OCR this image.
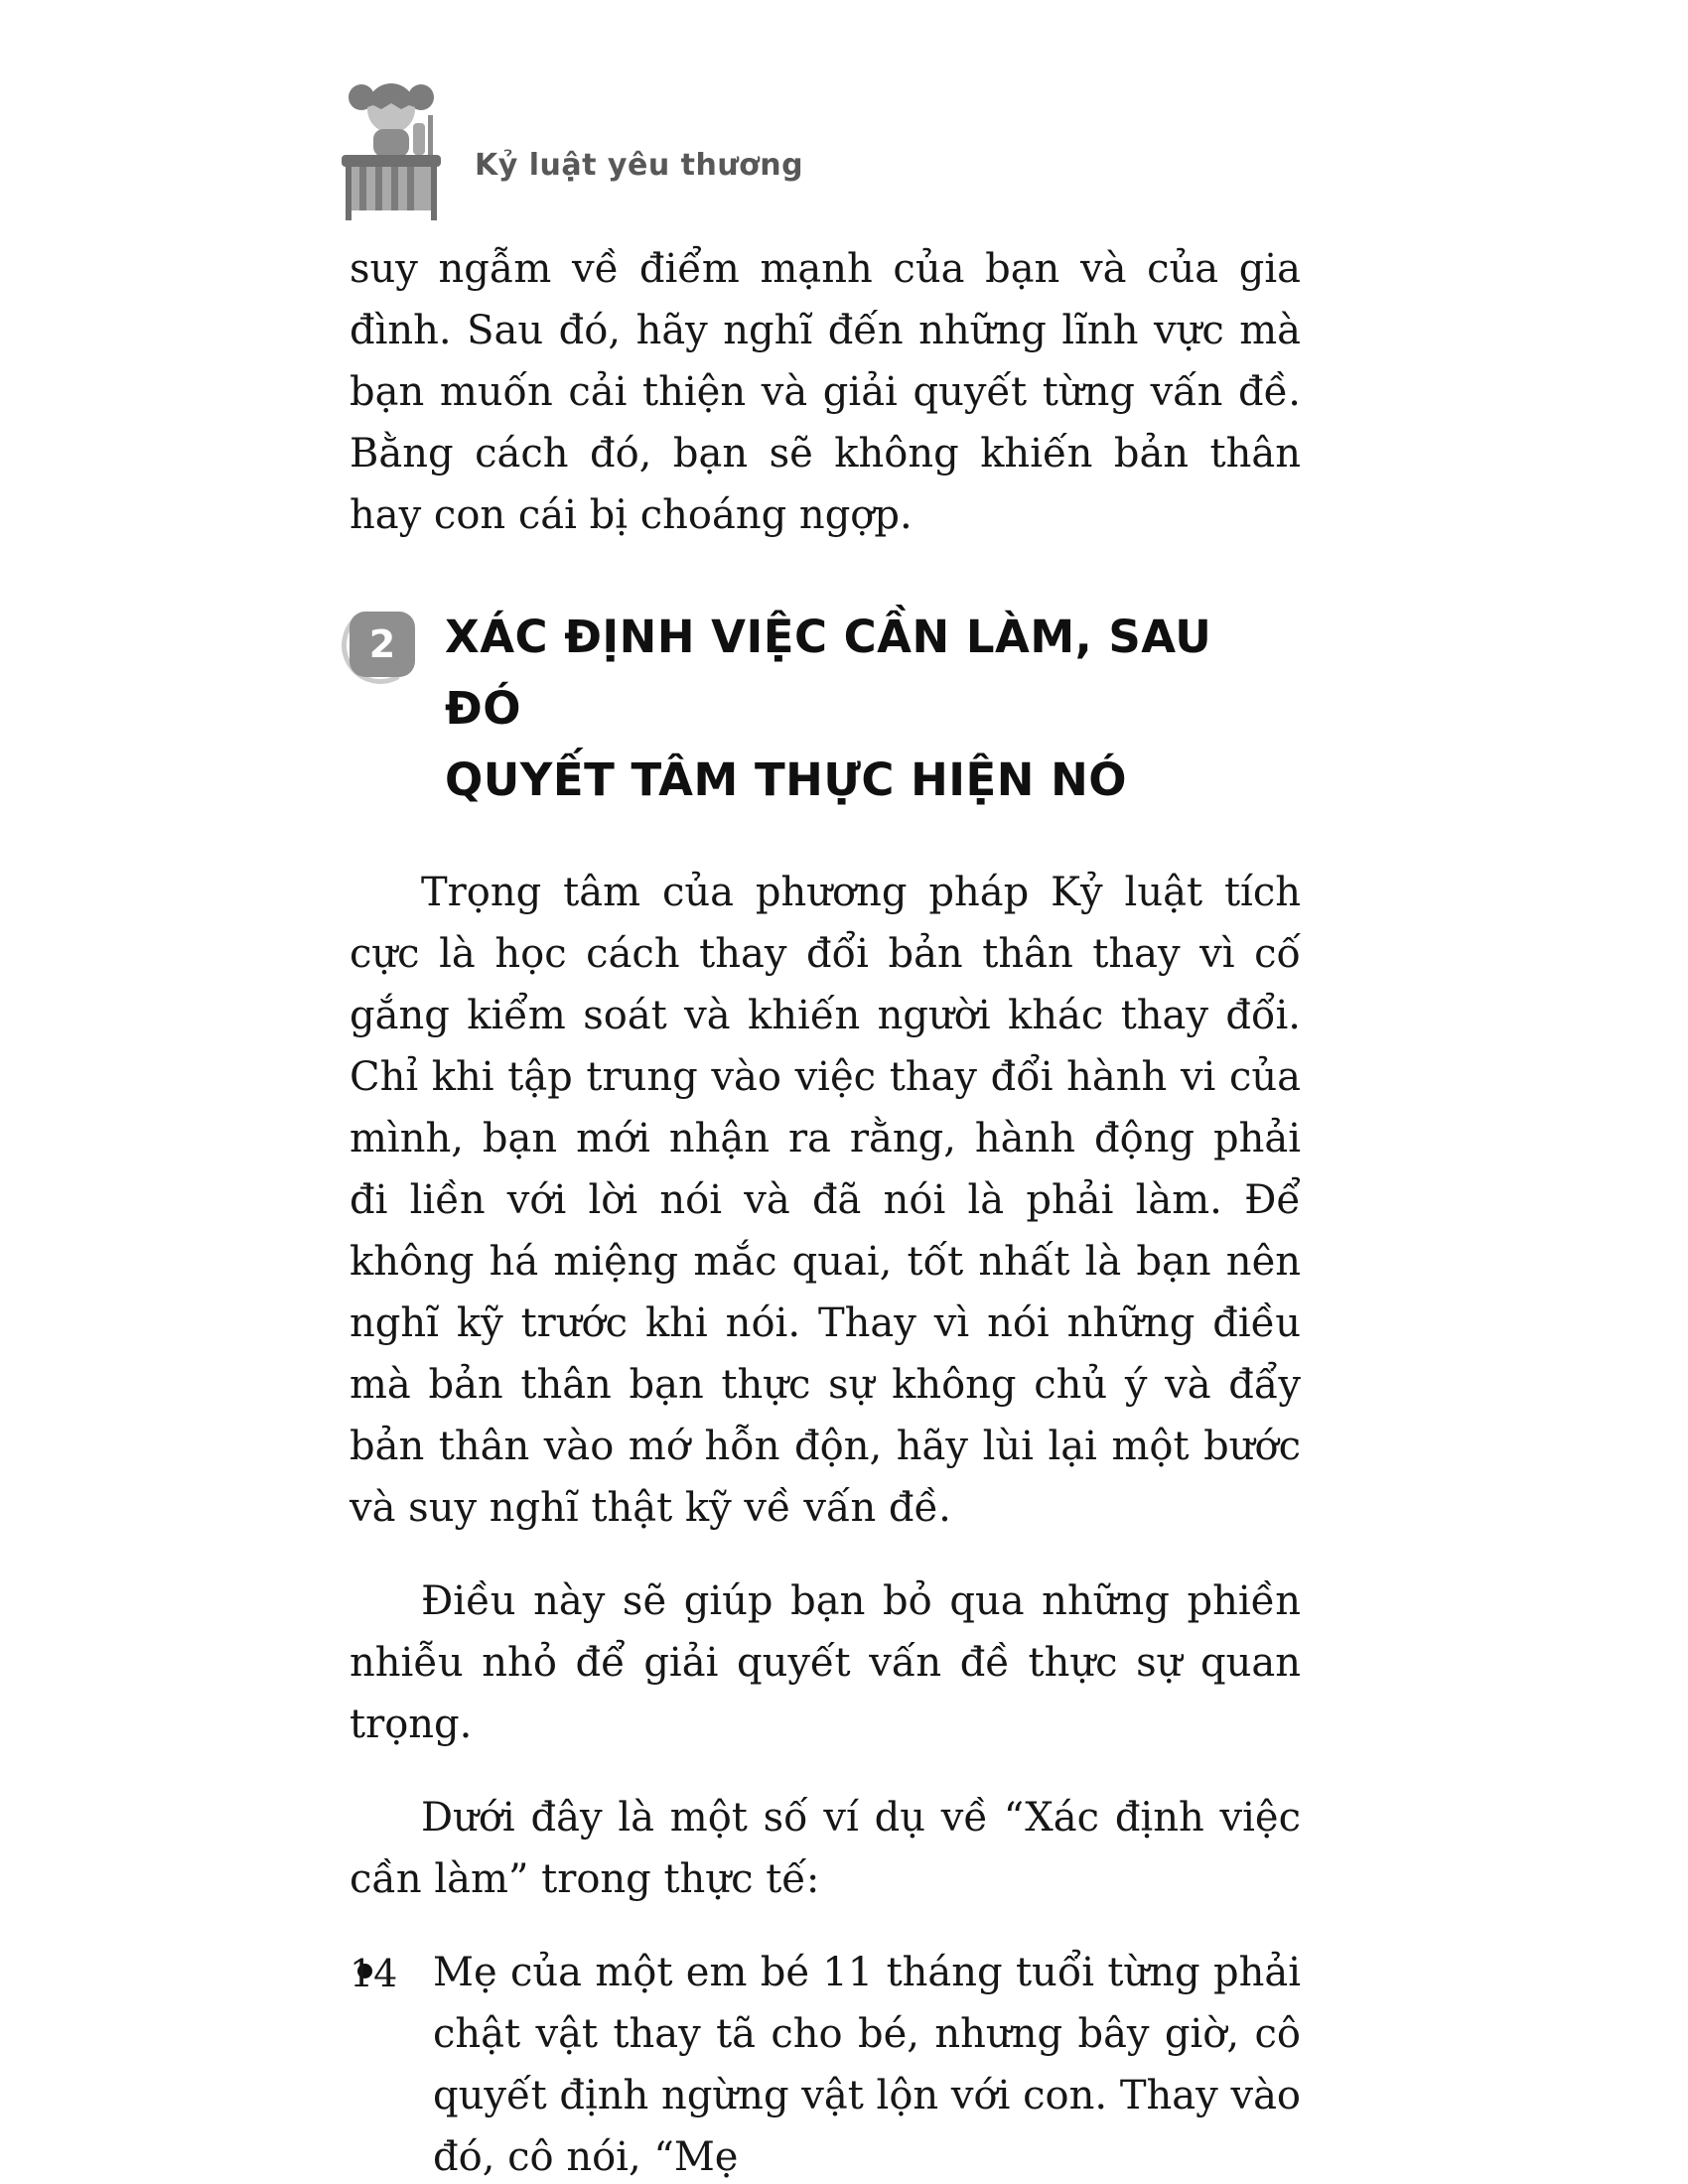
Kỷ luật yêu thương

suy ngẫm về điểm mạnh của bạn và của gia đình. Sau đó, hãy nghĩ đến những lĩnh vực mà bạn muốn cải thiện và giải quyết từng vấn đề. Bằng cách đó, bạn sẽ không khiến bản thân hay con cái bị choáng ngợp.

2	XÁC ĐỊNH VIỆC CẦN LÀM, SAU ĐÓ
QUYẾT TÂM THỰC HIỆN NÓ

Trọng tâm của phương pháp Kỷ luật tích cực là học cách thay đổi bản thân thay vì cố gắng kiểm soát và khiến người khác thay đổi. Chỉ khi tập trung vào việc thay đổi hành vi của mình, bạn mới nhận ra rằng, hành động phải đi liền với lời nói và đã nói là phải làm. Để không há miệng mắc quai, tốt nhất là bạn nên nghĩ kỹ trước khi nói. Thay vì nói những điều mà bản thân bạn thực sự không chủ ý và đẩy bản thân vào mớ hỗn độn, hãy lùi lại một bước và suy nghĩ thật kỹ về vấn đề.

Điều này sẽ giúp bạn bỏ qua những phiền nhiễu nhỏ để giải quyết vấn đề thực sự quan trọng.

Dưới đây là một số ví dụ về “Xác định việc cần làm” trong thực tế:

Mẹ của một em bé 11 tháng tuổi từng phải chật vật thay tã cho bé, nhưng bây giờ, cô quyết định ngừng vật lộn với con. Thay vào đó, cô nói, “Mẹ
14
